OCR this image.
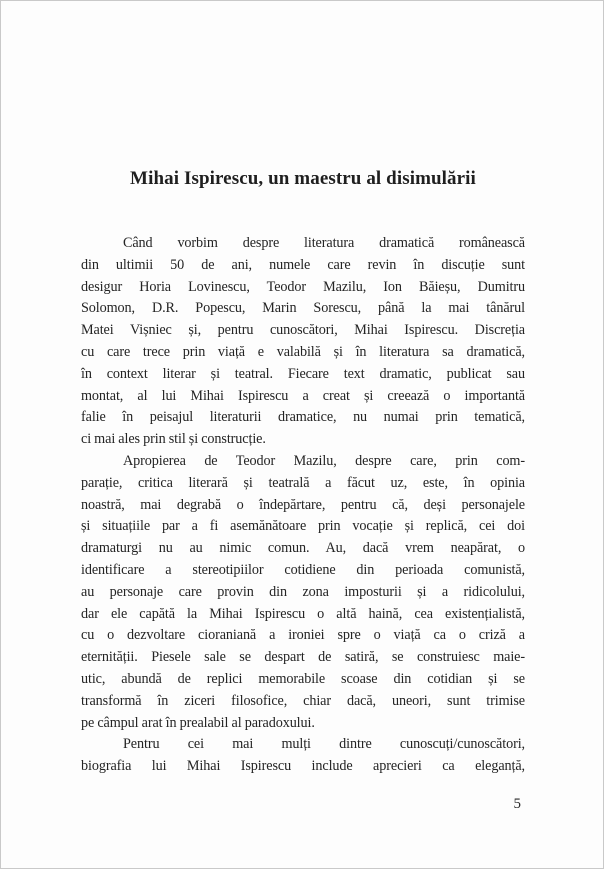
Mihai Ispirescu, un maestru al disimulării
Când vorbim despre literatura dramatică românească
din ultimii 50 de ani, numele care revin în discuție sunt
desigur Horia Lovinescu, Teodor Mazilu, Ion Băieșu, Dumitru
Solomon, D.R. Popescu, Marin Sorescu, până la mai tânărul
Matei Vișniec și, pentru cunoscători, Mihai Ispirescu. Discreția
cu care trece prin viață e valabilă și în literatura sa dramatică,
în context literar și teatral. Fiecare text dramatic, publicat sau
montat, al lui Mihai Ispirescu a creat și creează o importantă
falie în peisajul literaturii dramatice, nu numai prin tematică,
ci mai ales prin stil și construcție.
Apropierea de Teodor Mazilu, despre care, prin com-
parație, critica literară și teatrală a făcut uz, este, în opinia
noastră, mai degrabă o îndepărtare, pentru că, deși personajele
și situațiile par a fi asemănătoare prin vocație și replică, cei doi
dramaturgi nu au nimic comun. Au, dacă vrem neapărat, o
identificare a stereotipiilor cotidiene din perioada comunistă,
au personaje care provin din zona imposturii și a ridicolului,
dar ele capătă la Mihai Ispirescu o altă haină, cea existențialistă,
cu o dezvoltare cioraniană a ironiei spre o viață ca o criză a
eternității. Piesele sale se despart de satiră, se construiesc maie-
utic, abundă de replici memorabile scoase din cotidian și se
transformă în ziceri filosofice, chiar dacă, uneori, sunt trimise
pe câmpul arat în prealabil al paradoxului.
Pentru cei mai mulți dintre cunoscuți/cunoscători,
biografia lui Mihai Ispirescu include aprecieri ca eleganță,
5
